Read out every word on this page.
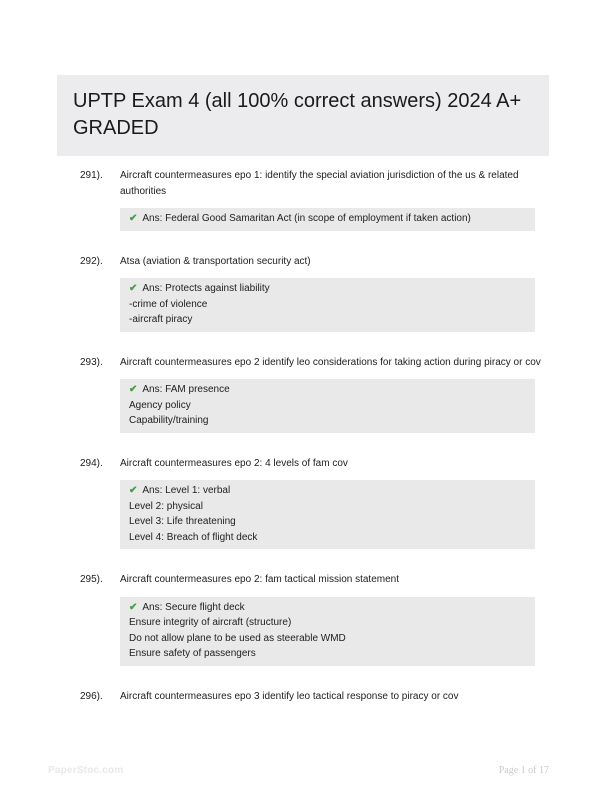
UPTP Exam 4 (all 100% correct answers) 2024 A+ GRADED
291).	Aircraft countermeasures epo 1: identify the special aviation jurisdiction of the us & related authorities
✔ Ans: Federal Good Samaritan Act (in scope of employment if taken action)
292).	Atsa (aviation & transportation security act)
✔ Ans: Protects against liability
-crime of violence
-aircraft piracy
293).	Aircraft countermeasures epo 2 identify leo considerations for taking action during piracy or cov
✔ Ans: FAM presence
Agency policy
Capability/training
294).	Aircraft countermeasures epo 2: 4 levels of fam cov
✔ Ans: Level 1: verbal
Level 2: physical
Level 3: Life threatening
Level 4: Breach of flight deck
295).	Aircraft countermeasures epo 2: fam tactical mission statement
✔ Ans: Secure flight deck
Ensure integrity of aircraft (structure)
Do not allow plane to be used as steerable WMD
Ensure safety of passengers
296).	Aircraft countermeasures epo 3 identify leo tactical response to piracy or cov
PaperStoc.com	Page 1 of 17
